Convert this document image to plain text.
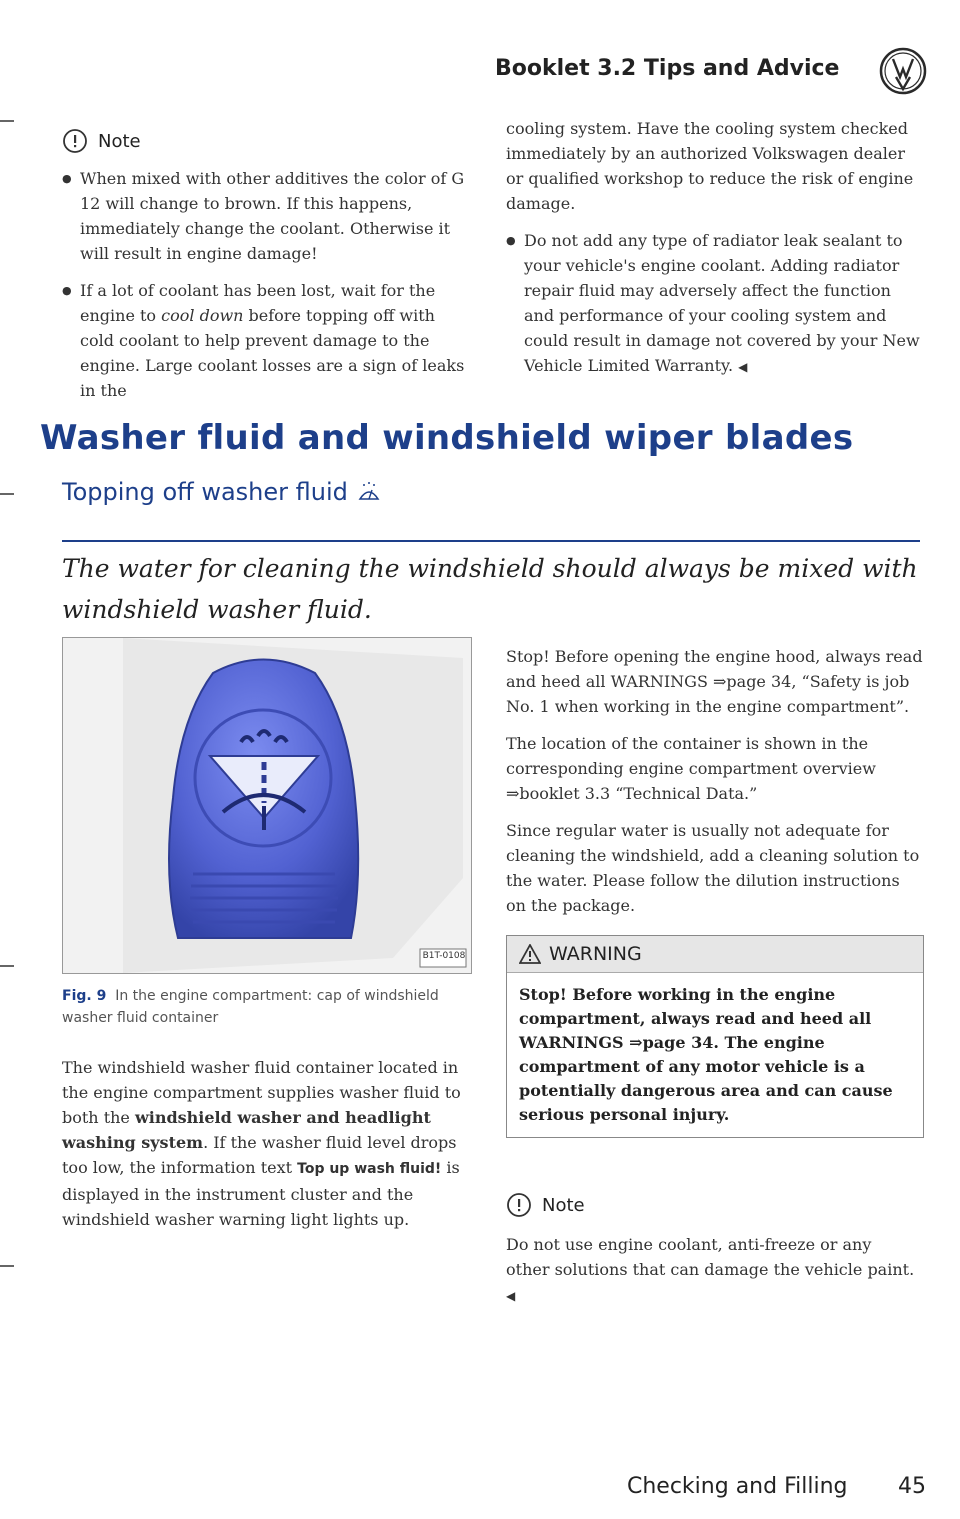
Booklet 3.2 Tips and Advice
Note

● When mixed with other additives the color of G 12 will change to brown. If this happens, immediately change the coolant. Otherwise it will result in engine damage!

● If a lot of coolant has been lost, wait for the engine to cool down before topping off with cold coolant to help prevent damage to the engine. Large coolant losses are a sign of leaks in the

cooling system. Have the cooling system checked immediately by an authorized Volkswagen dealer or qualified workshop to reduce the risk of engine damage.

● Do not add any type of radiator leak sealant to your vehicle's engine coolant. Adding radiator repair fluid may adversely affect the function and performance of your cooling system and could result in damage not covered by your New Vehicle Limited Warranty. ◀

Washer fluid and windshield wiper blades
Topping off washer fluid
The water for cleaning the windshield should always be mixed with windshield washer fluid.
B1T-0108
Fig. 9 In the engine compartment: cap of windshield washer fluid container

The windshield washer fluid container located in the engine compartment supplies washer fluid to both the windshield washer and headlight washing system. If the washer fluid level drops too low, the information text Top up wash fluid! is displayed in the instrument cluster and the windshield washer warning light lights up.

Stop! Before opening the engine hood, always read and heed all WARNINGS ⇒page 34, “Safety is job No. 1 when working in the engine compartment”.

The location of the container is shown in the corresponding engine compartment overview ⇒booklet 3.3 “Technical Data.”

Since regular water is usually not adequate for cleaning the windshield, add a cleaning solution to the water. Please follow the dilution instructions on the package.

WARNING
Stop! Before working in the engine compartment, always read and heed all WARNINGS ⇒page 34. The engine compartment of any motor vehicle is a potentially dangerous area and can cause serious personal injury.
Note

Do not use engine coolant, anti-freeze or any other solutions that can damage the vehicle paint. ◀

Checking and Filling 45
